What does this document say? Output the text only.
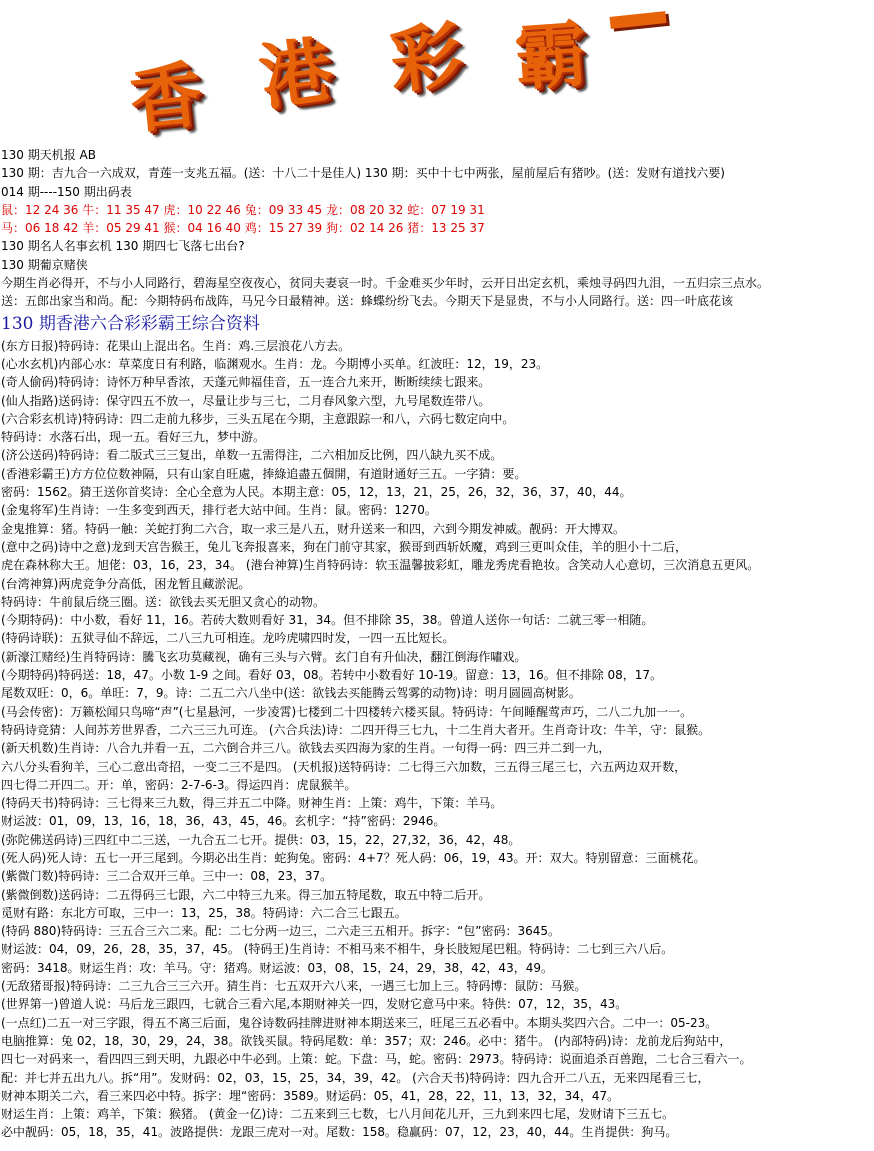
香 港 彩 霸
130 期天机报 AB
130 期：吉九合一六成双，青莲一支兆五福。(送：十八二十是佳人) 130 期：买中十七中两张，屋前屋后有猪吵。(送：发财有道找六要)
014 期----150 期出码表
鼠：12 24 36 牛：11 35 47 虎：10 22 46 兔：09 33 45 龙：08 20 32 蛇：07 19 31
马：06 18 42 羊：05 29 41 猴：04 16 40 鸡：15 27 39 狗：02 14 26 猪：13 25 37
130 期名人名事玄机 130 期四七飞落七出台?
130 期葡京赌侠
今期生肖必得开，不与小人同路行，碧海星空夜夜心，贫同夫妻哀一时。千金难买少年时，云开日出定玄机，乘烛寻码四九泪，一五归宗三点水。
送：五郎出家当和尚。配：今期特码布战阵，马兄今日最精神。送：蜂蝶纷纷飞去。今期天下是显贵，不与小人同路行。送：四一叶底花该
130 期香港六合彩彩霸王综合资料
(东方日报)特码诗：花果山上混出名。生肖：鸡.三层浪花八方去。
(心水玄机)内部心水：草菜度日有利路，临渊观水。生肖：龙。今期博小买单。红波旺：12，19，23。
(奇人偷码)特码诗：诗怀万种早香浓，天蓬元帅福佳音，五一连合九来开，断断续续七跟来。
(仙人指路)送码诗：保守四五不放一，尽量让步与三七，二月春风象六型，九号尾数连带八。
(六合彩玄机诗)特码诗：四二走前九移步，三头五尾在今期，主意跟踪一和八，六码七数定向中。
特码诗：水落石出，现一五。看好三九，梦中游。
(济公送码)特码诗：看二版式三三复出，单数一五需得注，二六相加反比例，四八缺九买不成。
(香港彩霸王)方方位位数神隔，只有山家自旺處，捧綠追盡五個開，有道財通好三五。一字猜：要。
密码：1562。猜王送你首奖诗：全心全意为人民。本期主意：05，12，13，21，25，26，32，36，37，40，44。
(金鬼将军)生肖诗：一生多变到西天，排行老大站中间。生肖：鼠。密码：1270。
金鬼推算：猪。特码一触：关蛇打狗二六合，取一求三是八五，财升送来一和四，六到今期发神威。靓码：开大博双。
(意中之码)诗中之意)龙到天宫告猴王，兔儿飞奔报喜来，狗在门前守其家，猴哥到西斩妖魔，鸡到三更叫众佳，羊的胆小十二后，
虎在森林称大王。旭佬：03，16，23，34。 (港台神算)生肖特码诗：软玉温馨披彩虹，雕龙秀虎看艳妆。含笑动人心意切，三次消息五更风。
(台湾神算)两虎竞争分高低，困龙暂且藏淤泥。
特码诗：牛前鼠后绕三圈。送：欲钱去买无胆又贪心的动物。
(今期特码)：中小数，看好 11，16。若砖大数则看好 31，34。但不排除 35，38。曾道人送你一句话：二就三零一相随。
(特码诗联)：五狱寻仙不辞远，二八三九可相连。龙吟虎啸四时发，一四一五比短长。
(新濠江赌经)生肖特码诗：騰飞玄功莫藏视，确有三头与六臂。玄门自有升仙决，翻江倒海作嘯戏。
(今期特码)特码送：18，47。小数 1-9 之间。看好 03，08。若转中小数看好 10-19。留意：13，16。但不排除 08，17。
尾数双旺：0，6。单旺：7，9。诗：二五二六八坐中(送：欲钱去买能腾云驾雾的动物)诗：明月圆圆高树影。
(马会传密)：万籁松闻只鸟啼“声”(七星悬河，一步凌霄)七楼到二十四楼转六楼买鼠。特码诗：午间睡醒莺声巧，二八二九加一一。
特码诗竞猜：人间苏芳世界香，二六三三九可连。 (六合兵法)诗：二四开得三七九，十二生肖大者开。生肖奇计攻：牛羊，守：鼠猴。
(新天机数)生肖诗：八合九并看一五，二六倒合并三八。欲钱去买四海为家的生肖。一句得一码：四三并二到一九，
六八分头看狗羊，三心二意出奇招，一变二三不是四。 (天机报)送特码诗：二七得三六加数，三五得三尾三七，六五两边双开数，
四七得二开四二。开：单，密码：2-7-6-3。得运四肖：虎鼠猴羊。
(特码天书)特码诗：三七得来三九数，得三并五二中降。财神生肖：上策：鸡牛，下策：羊马。
财运波：01，09，13，16，18，36，43，45，46。玄机字：“持”密码：2946。
(弥陀佛送码诗)三四红中二三送，一九合五二七开。提供：03，15，22，27,32，36，42，48。
(死人码)死人诗：五七一开三尾到。今期必出生肖：蛇狗兔。密码：4+7？死人码：06，19，43。开：双大。特别留意：三面桃花。
(紫微门数)特码诗：三二合双开三单。三中一：08，23，37。
(紫微倒数)送码诗：二五得码三七跟，六二中特三九来。得三加五特尾数，取五中特二后开。
觅财有路：东北方可取，三中一：13，25，38。特码诗：六二合三七跟五。
(特码 880)特码诗：三五合三六二来。配：二七分两一边三，二六走三五相开。拆字：“包”密码：3645。
财运波：04，09，26，28，35，37，45。 (特码王)生肖诗：不相马来不相牛，身长肢短尾巴粗。特码诗：二七到三六八后。
密码：3418。财运生肖：攻：羊马。守：猪鸡。财运波：03，08，15，24，29，38，42，43，49。
(无敌猪哥报)特码诗：二三九合三三六开。猜生肖：七五双开六八来，一遇三七加上三。特码博：鼠防：马猴。
(世界第一)曾道人说：马后龙三跟四，七就合三看六尾,本期财神关一四，发财它意马中来。特供：07，12，35，43。
(一点红)二五一对三字跟，得五不离三后面，鬼谷诗数码挂牌进财神本期送来三，旺尾三五必看中。本期头奖四六合。二中一：05-23。
电脑推算：兔 02，18，30，29，24，38。欲钱买鼠。特码尾数：单：357；双：246。必中：猪牛。 (内部特码)诗：龙前龙后狗站中，
四七一对码来一，看四四三到天明，九跟必中牛必到。上策：蛇。下盘：马，蛇。密码：2973。特码诗：说面追杀百兽跑，二七合三看六一。
配：并七并五出九八。拆“用”。发财码：02，03，15，25，34，39，42。 (六合天书)特码诗：四九合开二八五，无来四尾看三七，
财神本期关二六，看三来四必中特。拆字：埋“密码：3589。财运码：05，41，28，22，11，13，32，34，47。
财运生肖：上策：鸡羊，下策：猴猪。 (黄金一亿)诗：二五来到三七数，七八月间花儿开，三九到来四七尾，发财请下三五七。
必中靓码：05，18，35，41。波路提供：龙跟三虎对一对。尾数：158。稳赢码：07，12，23，40，44。生肖提供：狗马。
